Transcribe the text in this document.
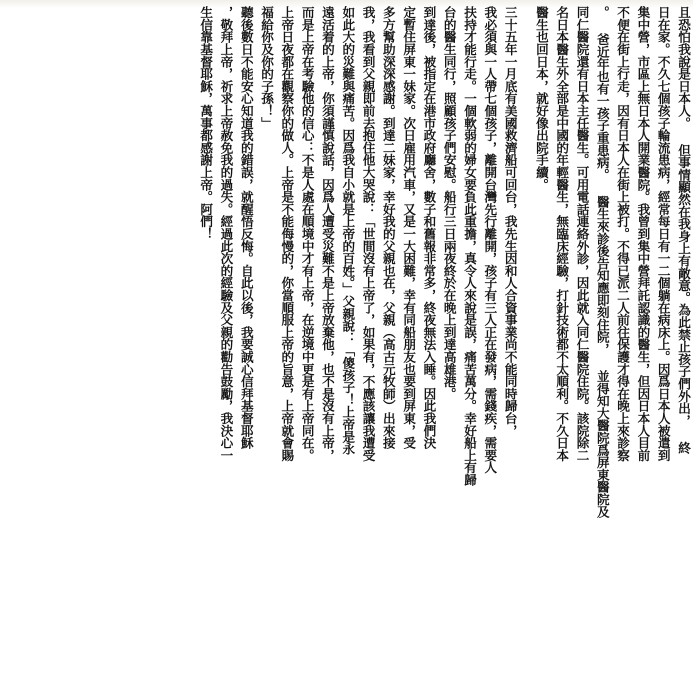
且恐怕我說是日本人。 但事情顯然在我身上有敵意。為此禁止孩子們外出， 終
日在家。不久七個孩子輪流患病，經常每日有一二個躺在病床上。因爲日本人被遣到
集中營，市區上無日本人開業醫院。我曾到集中營拜託認識的醫生，但因日本人目前
不便在街上行走，因有日本人在街上被打。不得已派二人前往保護才得在晚上來診察
。 爸近年也有一孩子重患病。 醫生來診後告知應即刻住院， 並得知大醫院爲屏東醫院及
同仁醫院還有日本主任醫生。可用電話連絡外診，因此就入同仁醫院住院。該院除二
名日本醫生外全部是中國的年輕醫生，無臨床經驗，打針技術都不太順利。不久日本
醫生也回日本，就好像出院手續。
三十五年一月底有美國救濟船可回台，我先生因和人合資事業尚不能同時歸台，
我必須與一人帶七個孩子，離開台灣先行離開，孩子有三人正在發病，需錢疾，需要人
扶持才能行走。一個軟弱的婦女要負此重擔，真令人來說是誤，痛苦萬分。幸好船上有歸
台的醫生同行，照顧孩子們安慰。船行三日兩夜終於在晚上到達高雄港。
到達後，被指定在港市政府廳舍，數子和舊報非常多，終夜無法入睡。因此我們決
定暫住屏東一妹家。次日雇用汽車，又是一大困難，幸有同船朋友也要到屏東，受
多方幫助深深感謝。到達二妹家，幸好我的父親也在，父親（高古元牧師）出來接
我，我看到父親即前去抱住他大哭說：「世間沒有上帝了，如果有，不應該讓我遭受
如此大的災難與痛苦。因爲我自小就是上帝的百姓。」父親說：「傻孩子！上帝是永
遠活着的上帝，你須謹慎說話，因爲人遭受災難不是上帝放棄他，也不是沒有上帝，
而是上帝在考驗他的信心：不是人處在順境中才有上帝，在逆境中更是有上帝同在。
上帝日夜都在觀察你的做人。上帝是不能侮慢的，你當順服上帝的旨意，上帝就會賜
福給你及你的子孫！」
聽後數日不能安心知道我的錯誤，就醒悟反悔。自此以後，我要誠心信拜基督耶穌
，敬拜上帝，祈求上帝赦免我的過失。經過此次的經驗及父親的勸告鼓勵，我決心一
生信靠基督耶穌，萬事都感謝上帝。阿們！
